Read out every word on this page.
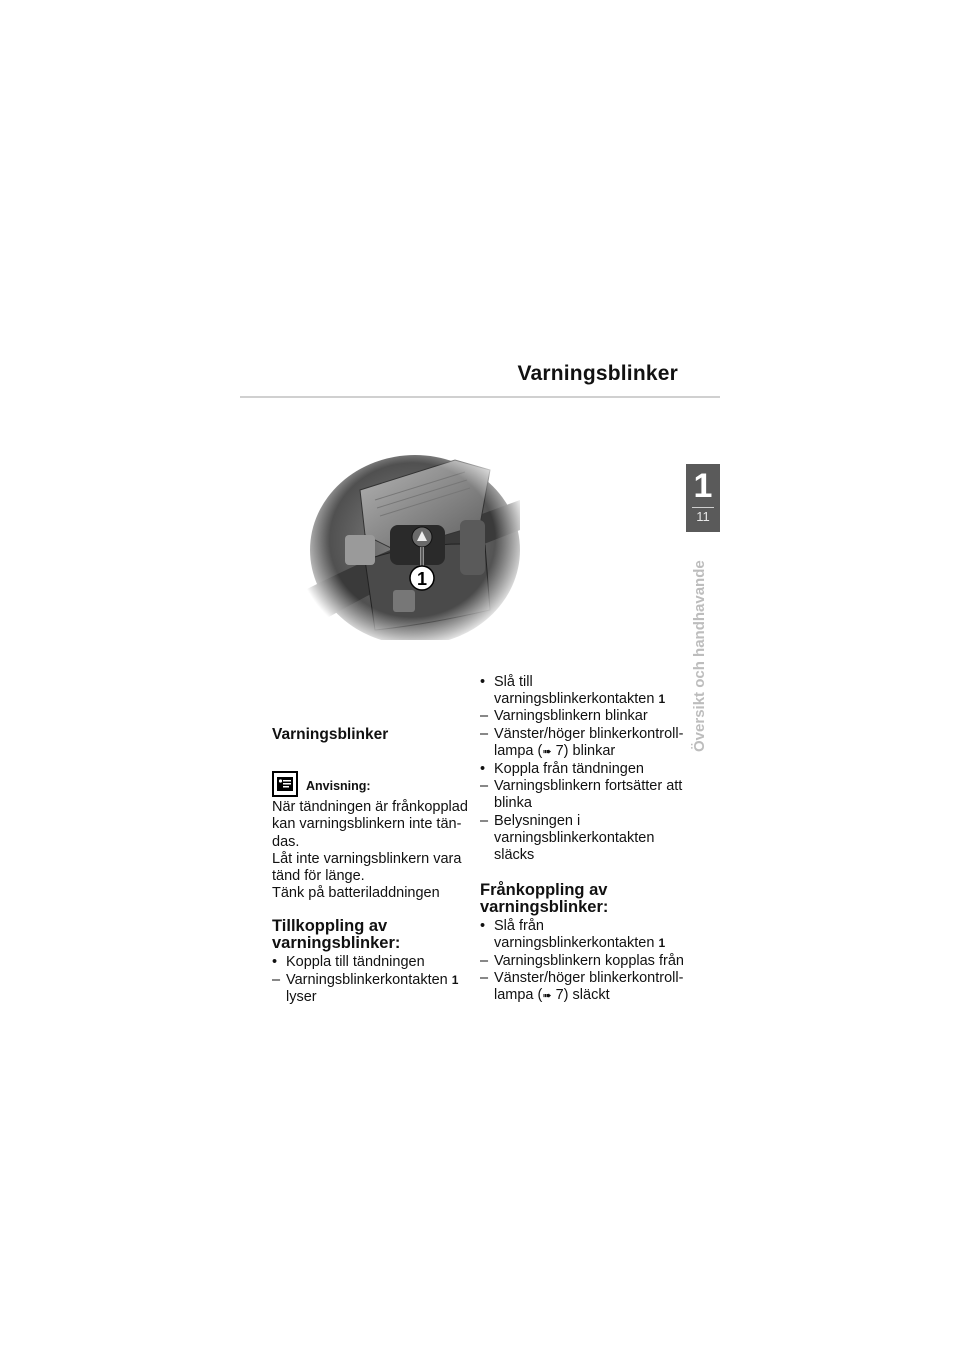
Varningsblinker
1
11
Översikt och handhavande
Varningsblinker
Anvisning:

När tändningen är frånkopplad
kan varningsblinkern inte tän-
das.
Låt inte varningsblinkern vara
tänd för länge.
Tänk på batteriladdningen

Tillkoppling av
varningsblinker:

• Koppla till tändningen

– Varningsblinkerkontakten 1
lyser

• Slå till
varningsblinkerkontakten 1

– Varningsblinkern blinkar

– Vänster/höger blinkerkontroll-
lampa (➠ 7) blinkar

• Koppla från tändningen

– Varningsblinkern fortsätter att
blinka

– Belysningen i
varningsblinkerkontakten
släcks

Frånkoppling av
varningsblinker:

• Slå från
varningsblinkerkontakten 1

– Varningsblinkern kopplas från

– Vänster/höger blinkerkontroll-
lampa (➠ 7) släckt
